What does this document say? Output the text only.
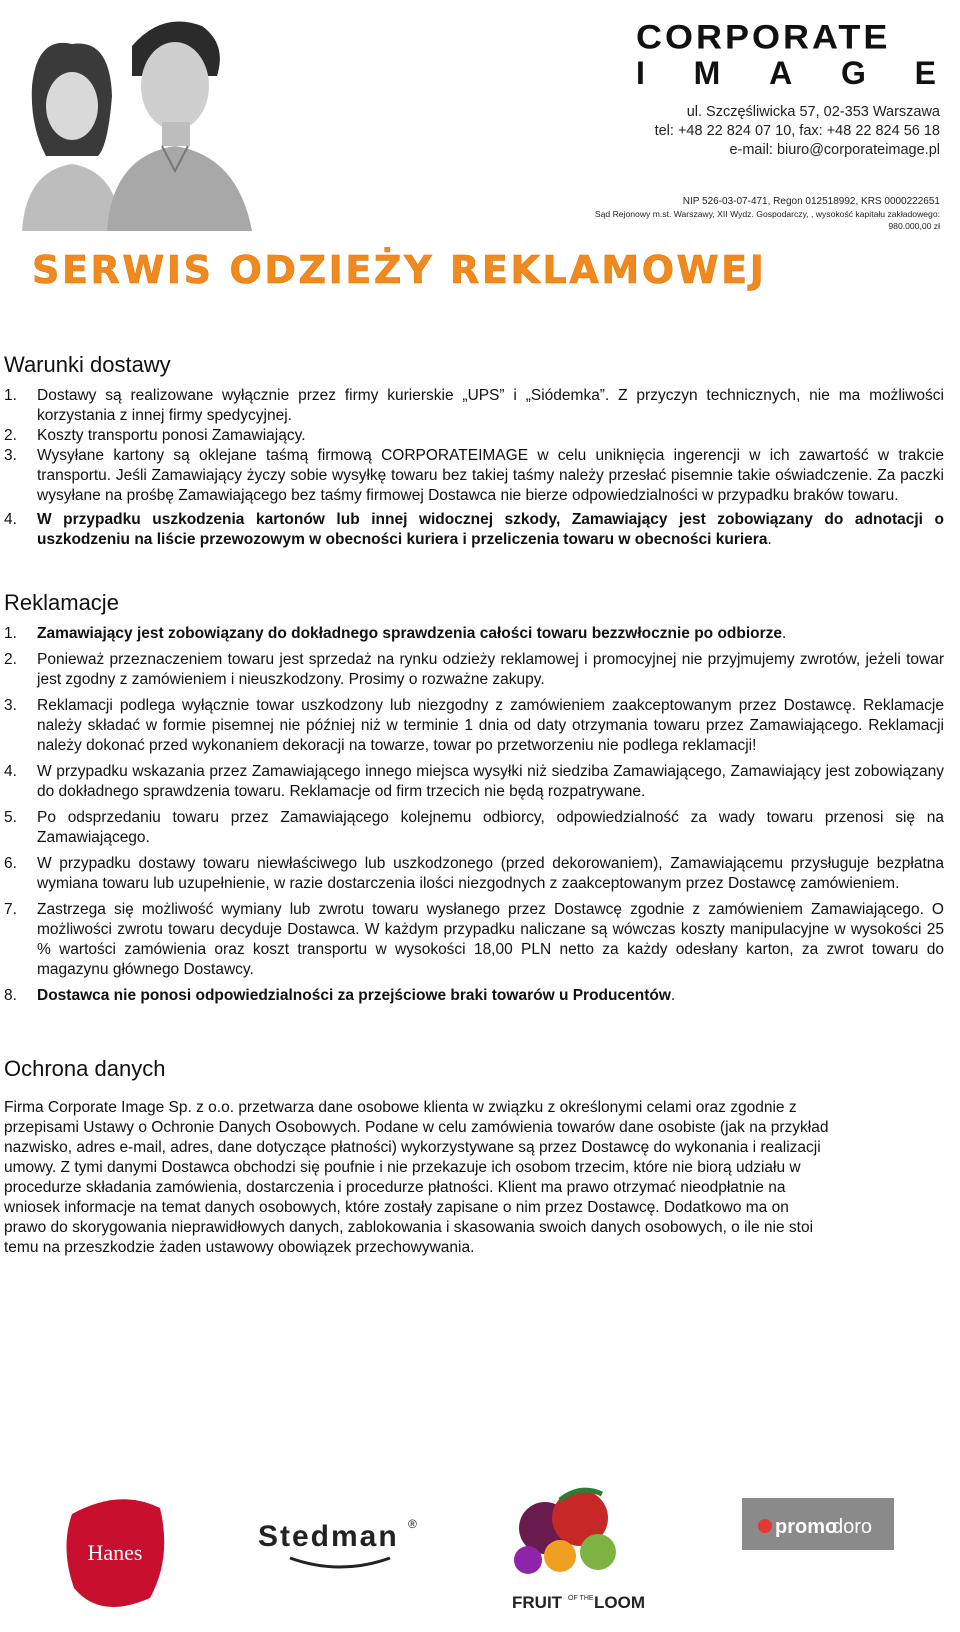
CORPORATE
I M A G E
ul. Szczęśliwicka 57, 02-353 Warszawa
tel: +48 22 824 07 10, fax: +48 22 824 56 18
e-mail: biuro@corporateimage.pl
NIP 526-03-07-471, Regon 012518992, KRS 0000222651
Sąd Rejonowy m.st. Warszawy, XII Wydz. Gospodarczy, , wysokość kapitału zakładowego: 980.000,00 zł
SERWIS ODZIEŻY REKLAMOWEJ
Warunki dostawy
1.	Dostawy są realizowane wyłącznie przez firmy kurierskie „UPS” i „Siódemka”. Z przyczyn technicznych, nie ma możliwości korzystania z innej firmy spedycyjnej.
2.	Koszty transportu ponosi Zamawiający.
3.	Wysyłane kartony są oklejane taśmą firmową CORPORATEIMAGE w celu uniknięcia ingerencji w ich zawartość w trakcie transportu. Jeśli Zamawiający życzy sobie wysyłkę towaru bez takiej taśmy należy przesłać pisemnie takie oświadczenie. Za paczki wysyłane na prośbę Zamawiającego bez taśmy firmowej Dostawca nie bierze odpowiedzialności w przypadku braków towaru.
4.	W przypadku uszkodzenia kartonów lub innej widocznej szkody, Zamawiający jest zobowiązany do adnotacji o uszkodzeniu na liście przewozowym w obecności kuriera i przeliczenia towaru w obecności kuriera.
Reklamacje
1.	Zamawiający jest zobowiązany do dokładnego sprawdzenia całości towaru bezzwłocznie po odbiorze.
2.	Ponieważ przeznaczeniem towaru jest sprzedaż na rynku odzieży reklamowej i promocyjnej nie przyjmujemy zwrotów, jeżeli towar jest zgodny z zamówieniem i nieuszkodzony. Prosimy o rozważne zakupy.
3.	Reklamacji podlega wyłącznie towar uszkodzony lub niezgodny z zamówieniem zaakceptowanym przez Dostawcę. Reklamacje należy składać w formie pisemnej nie później niż w terminie 1 dnia od daty otrzymania towaru przez Zamawiającego. Reklamacji należy dokonać przed wykonaniem dekoracji na towarze, towar po przetworzeniu nie podlega reklamacji!
4.	W przypadku wskazania przez Zamawiającego innego miejsca wysyłki niż siedziba Zamawiającego, Zamawiający jest zobowiązany do dokładnego sprawdzenia towaru. Reklamacje od firm trzecich nie będą rozpatrywane.
5.	Po odsprzedaniu towaru przez Zamawiającego kolejnemu odbiorcy, odpowiedzialność za wady towaru przenosi się na Zamawiającego.
6.	W przypadku dostawy towaru niewłaściwego lub uszkodzonego (przed dekorowaniem), Zamawiającemu przysługuje bezpłatna wymiana towaru lub uzupełnienie, w razie dostarczenia ilości niezgodnych z zaakceptowanym przez Dostawcę zamówieniem.
7.	Zastrzega się możliwość wymiany lub zwrotu towaru wysłanego przez Dostawcę zgodnie z zamówieniem Zamawiającego. O możliwości zwrotu towaru decyduje Dostawca. W każdym przypadku naliczane są wówczas koszty manipulacyjne w wysokości 25 % wartości zamówienia oraz koszt transportu w wysokości 18,00 PLN netto za każdy odesłany karton, za zwrot towaru do magazynu głównego Dostawcy.
8.	Dostawca nie ponosi odpowiedzialności za przejściowe braki towarów u Producentów.
Ochrona danych

Firma Corporate Image Sp. z o.o. przetwarza dane osobowe klienta w związku z określonymi celami oraz zgodnie z

przepisami Ustawy o Ochronie Danych Osobowych. Podane w celu zamówienia towarów dane osobiste (jak na przykład

nazwisko, adres e-mail, adres, dane dotyczące płatności) wykorzystywane są przez Dostawcę do wykonania i realizacji

umowy. Z tymi danymi Dostawca obchodzi się poufnie i nie przekazuje ich osobom trzecim, które nie biorą udziału w

procedurze składania zamówienia, dostarczenia i procedurze płatności. Klient ma prawo otrzymać nieodpłatnie na

wniosek informacje na temat danych osobowych, które zostały zapisane o nim przez Dostawcę. Dodatkowo ma on

prawo do skorygowania nieprawidłowych danych, zablokowania i skasowania swoich danych osobowych, o ile nie stoi

temu na przeszkodzie żaden ustawowy obowiązek przechowywania.

Hanes	Stedman ®
FRUIT OF THE LOOM
promo
doro
